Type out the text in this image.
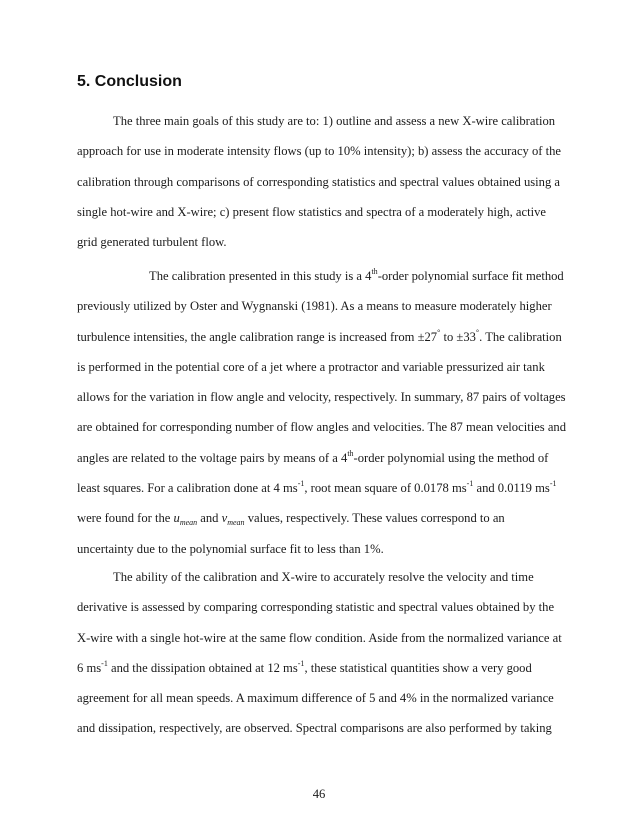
5. Conclusion
The three main goals of this study are to: 1) outline and assess a new X-wire calibration
approach for use in moderate intensity flows (up to 10% intensity); b) assess the accuracy of the
calibration through comparisons of corresponding statistics and spectral values obtained using a
single hot-wire and X-wire; c) present flow statistics and spectra of a moderately high, active
grid generated turbulent flow.
The calibration presented in this study is a 4th-order polynomial surface fit method
previously utilized by Oster and Wygnanski (1981). As a means to measure moderately higher
turbulence intensities, the angle calibration range is increased from ±27° to ±33°. The calibration
is performed in the potential core of a jet where a protractor and variable pressurized air tank
allows for the variation in flow angle and velocity, respectively. In summary, 87 pairs of voltages
are obtained for corresponding number of flow angles and velocities. The 87 mean velocities and
angles are related to the voltage pairs by means of a 4th-order polynomial using the method of
least squares. For a calibration done at 4 $ms^{-1}$, root mean square of 0.0178 $ms^{-1}$ and 0.0119 $ms^{-1}$
were found for the $u_{mean}$ and $v_{mean}$ values, respectively. These values correspond to an
uncertainty due to the polynomial surface fit to less than 1%.
The ability of the calibration and X-wire to accurately resolve the velocity and time
derivative is assessed by comparing corresponding statistic and spectral values obtained by the
X-wire with a single hot-wire at the same flow condition. Aside from the normalized variance at
6 $ms^{-1}$ and the dissipation obtained at 12 $ms^{-1}$, these statistical quantities show a very good
agreement for all mean speeds. A maximum difference of 5 and 4% in the normalized variance
and dissipation, respectively, are observed. Spectral comparisons are also performed by taking
46
